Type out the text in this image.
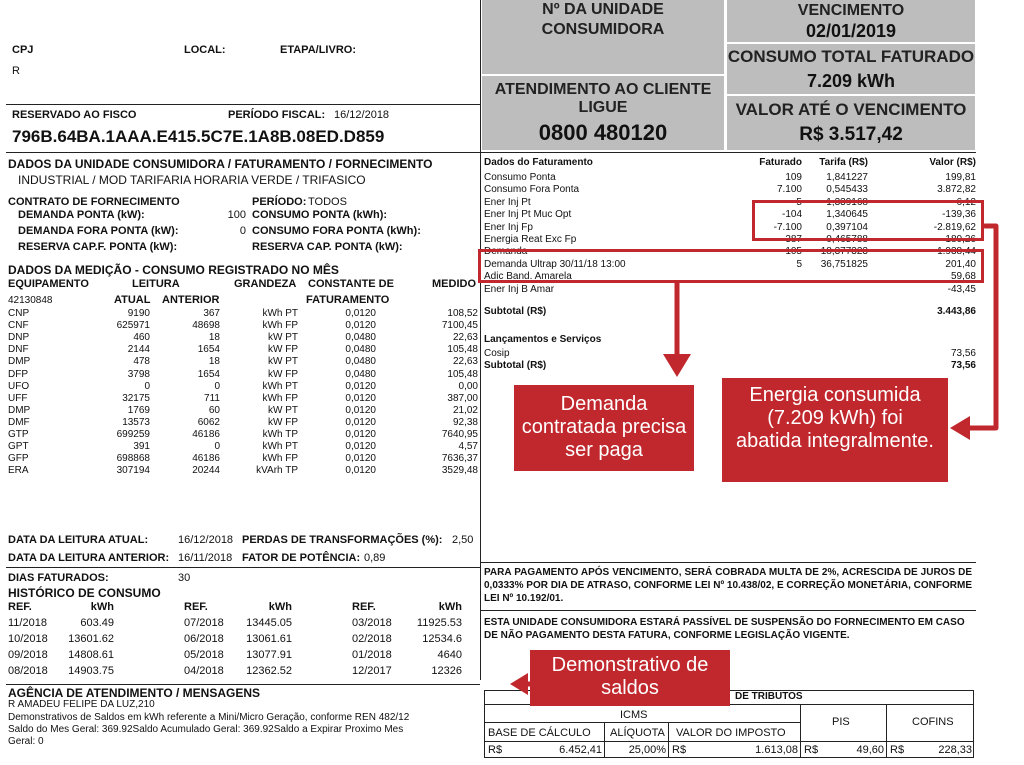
CPJ	LOCAL:	ETAPA/LIVRO:
R
RESERVADO AO FISCO	PERÍODO FISCAL: 16/12/2018
796B.64BA.1AAA.E415.5C7E.1A8B.08ED.D859
Nº DA UNIDADE
CONSUMIDORA
VENCIMENTO
02/01/2019
CONSUMO TOTAL FATURADO
7.209 kWh
ATENDIMENTO AO CLIENTE
LIGUE
0800 480120
VALOR ATÉ O VENCIMENTO
R$ 3.517,42
DADOS DA UNIDADE CONSUMIDORA / FATURAMENTO / FORNECIMENTO
INDUSTRIAL / MOD TARIFARIA HORARIA VERDE / TRIFASICO
CONTRATO DE FORNECIMENTO	PERÍODO: TODOS
DEMANDA PONTA (kW):	100 CONSUMO PONTA (kWh):
DEMANDA FORA PONTA (kW):	0 CONSUMO FORA PONTA (kWh):
RESERVA CAP.F. PONTA (kW):	RESERVA CAP. PONTA (kW):
DADOS DA MEDIÇÃO - CONSUMO REGISTRADO NO MÊS
EQUIPAMENTO	LEITURA	GRANDEZA CONSTANTE DE	MEDIDO
42130848	ATUAL ANTERIOR	FATURAMENTO
CNP	9190	367	kWh PT	0,0120	108,52
CNF	625971	48698	kWh FP	0,0120	7100,45
DNP	460	18	kW PT	0,0480	22,63
DNF	2144	1654	kW FP	0,0480	105,48
DMP	478	18	kW PT	0,0480	22,63
DFP	3798	1654	kW FP	0,0480	105,48
UFO	0	0	kWh PT	0,0120	0,00
UFF	32175	711	kWh FP	0,0120	387,00
DMP	1769	60	kW PT	0,0120	21,02
DMF	13573	6062	kW FP	0,0120	92,38
GTP	699259	46186	kWh TP	0,0120	7640,95
GPT	391	0	kWh PT	0,0120	4,57
GFP	698868	46186	kWh FP	0,0120	7636,37
ERA	307194	20244	kVArh TP	0,0120	3529,48
DATA DA LEITURA ATUAL:	16/12/2018 PERDAS DE TRANSFORMAÇÕES (%): 2,50
DATA DA LEITURA ANTERIOR: 16/11/2018 FATOR DE POTÊNCIA: 0,89
DIAS FATURADOS:	30
HISTÓRICO DE CONSUMO
REF.	kWh	REF.	kWh	REF.	kWh
11/2018	603.49	07/2018	13445.05	03/2018	11925.53
10/2018	13601.62	06/2018	13061.61	02/2018	12534.6
09/2018	14808.61	05/2018	13077.91	01/2018	4640
08/2018	14903.75	04/2018	12362.52	12/2017	12326
AGÊNCIA DE ATENDIMENTO / MENSAGENS
R AMADEU FELIPE DA LUZ,210
Demonstrativos de Saldos em kWh referente a Mini/Micro Geração, conforme REN 482/12 Saldo do Mes Geral: 369.92Saldo Acumulado Geral: 369.92Saldo a Expirar Proximo Mes Geral: 0
Dados do Faturamento	Faturado	Tarifa (R$)	Valor (R$)
Consumo Ponta	109	1,841227	199,81
Consumo Fora Ponta	7.100	0,545433	3.872,82
Ener Inj Pt	-5	1,339168	-6,12
Ener Inj Pt Muc Opt	-104	1,340645	-139,36
Ener Inj Fp	-7.100	0,397104	-2.819,62
Energia Reat Exc Fp	387	0,465788	180,26
Demanda	105	18,377323	1.938,44
Demanda Ultrap 30/11/18 13:00	5	36,751825	201,40
Adic Band. Amarela	59,68
Ener Inj B Amar	-43,45
Subtotal (R$)	3.443,86
Lançamentos e Serviços
Cosip	73,56
Subtotal (R$)	73,56
PARA PAGAMENTO APÓS VENCIMENTO, SERÁ COBRADA MULTA DE 2%, ACRESCIDA DE JUROS DE 0,0333% POR DIA DE ATRASO, CONFORME LEI Nº 10.438/02, E CORREÇÃO MONETÁRIA, CONFORME LEI Nº 10.192/01.
ESTA UNIDADE CONSUMIDORA ESTARÁ PASSÍVEL DE SUSPENSÃO DO FORNECIMENTO EM CASO DE NÃO PAGAMENTO DESTA FATURA, CONFORME LEGISLAÇÃO VIGENTE.
DE TRIBUTOS
ICMS
PIS	COFINS
BASE DE CÁLCULO ALÍQUOTA VALOR DO IMPOSTO
R$	6.452,41	25,00% R$	1.613,08 R$	49,60 R$	228,33
Demanda contratada precisa ser paga
Energia consumida (7.209 kWh) foi abatida integralmente.
Demonstrativo de saldos
